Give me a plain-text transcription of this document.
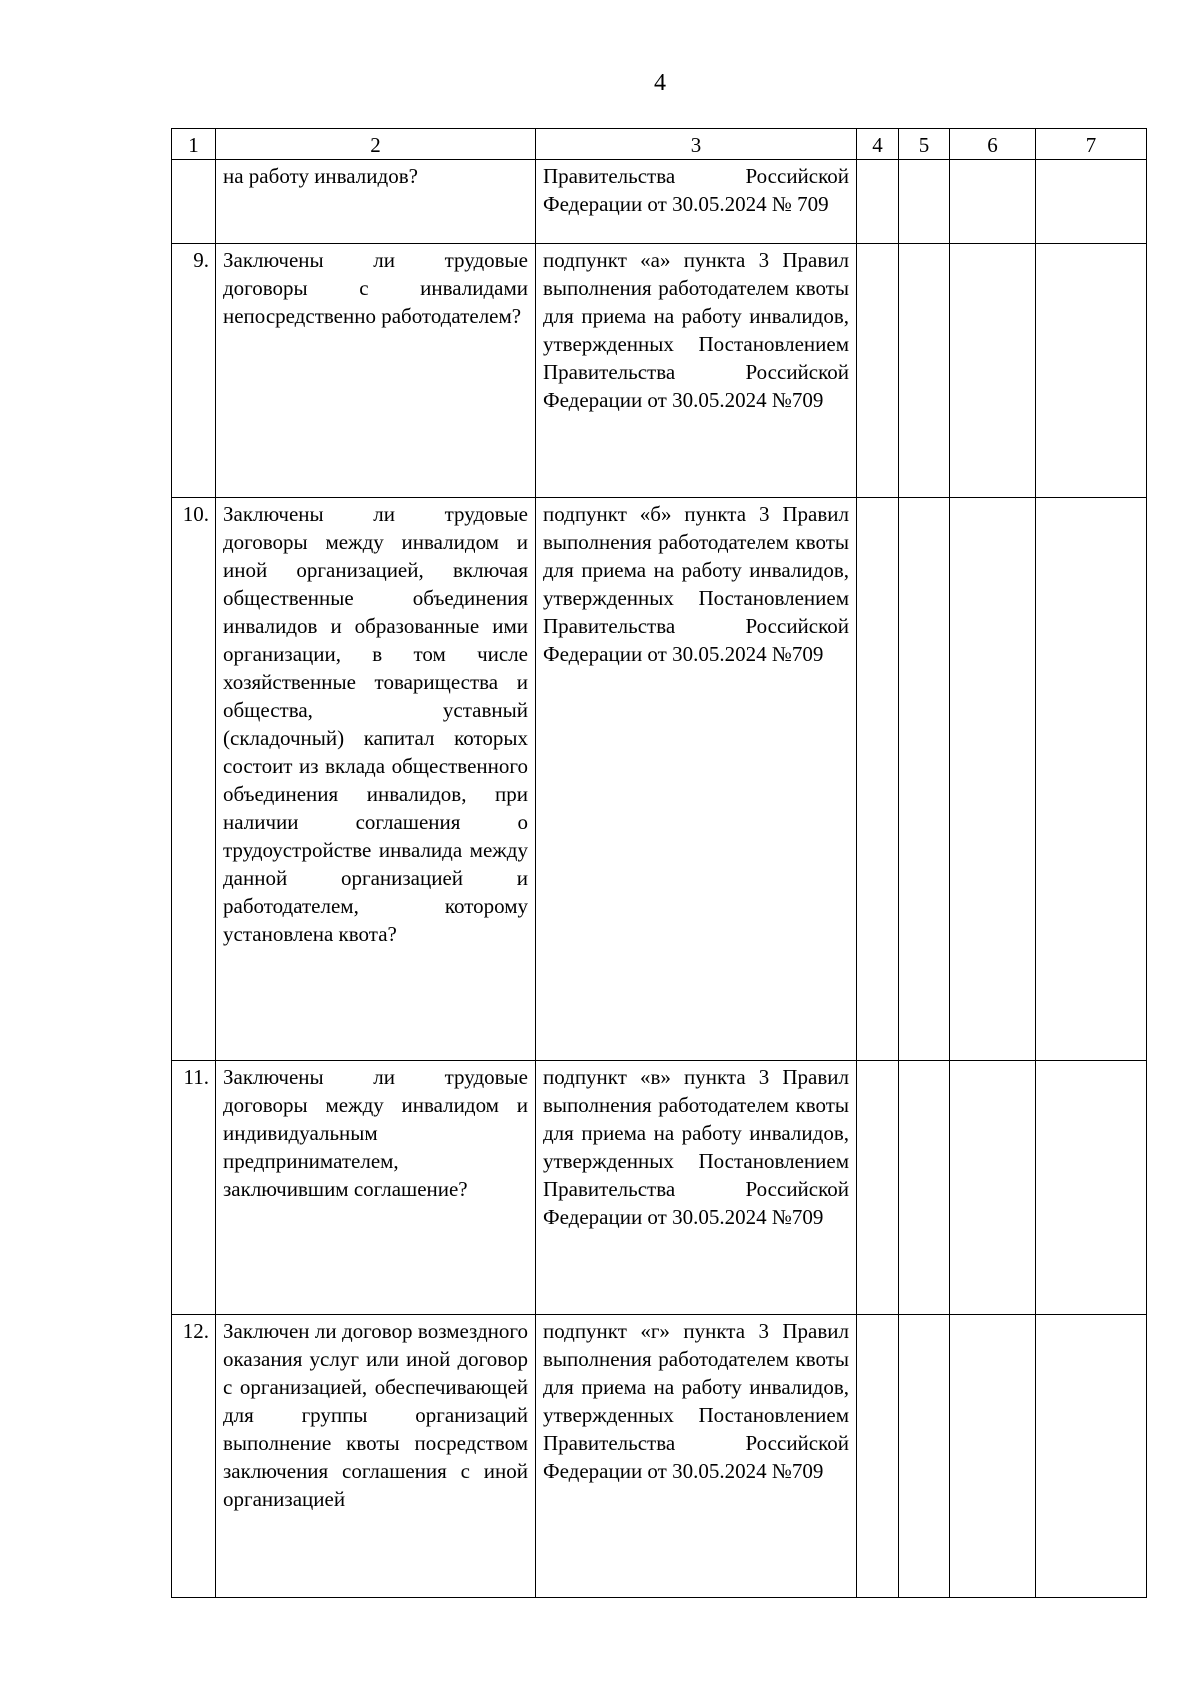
4
1	2	3	4	5	6	7
	на работу инвалидов?	Правительства Российской Федерации от 30.05.2024 № 709				
9.	Заключены ли трудовые договоры с инвалидами непосредственно работодателем?	подпункт «а» пункта 3 Правил выполнения работодателем квоты для приема на работу инвалидов, утвержденных Постановлением Правительства Российской Федерации от 30.05.2024 №709				
10.	Заключены ли трудовые договоры между инвалидом и иной организацией, включая общественные объединения инвалидов и образованные ими организации, в том числе хозяйственные товарищества и общества, уставный (складочный) капитал которых состоит из вклада общественного объединения инвалидов, при наличии соглашения о трудоустройстве инвалида между данной организацией и работодателем, которому установлена квота?	подпункт «б» пункта 3 Правил выполнения работодателем квоты для приема на работу инвалидов, утвержденных Постановлением Правительства Российской Федерации от 30.05.2024 №709				
11.	Заключены ли трудовые договоры между инвалидом и индивидуальным предпринимателем, заключившим соглашение?	подпункт «в» пункта 3 Правил выполнения работодателем квоты для приема на работу инвалидов, утвержденных Постановлением Правительства Российской Федерации от 30.05.2024 №709				
12.	Заключен ли договор возмездного оказания услуг или иной договор с организацией, обеспечивающей для группы организаций выполнение квоты посредством заключения соглашения с иной организацией	подпункт «г» пункта 3 Правил выполнения работодателем квоты для приема на работу инвалидов, утвержденных Постановлением Правительства Российской Федерации от 30.05.2024 №709				
